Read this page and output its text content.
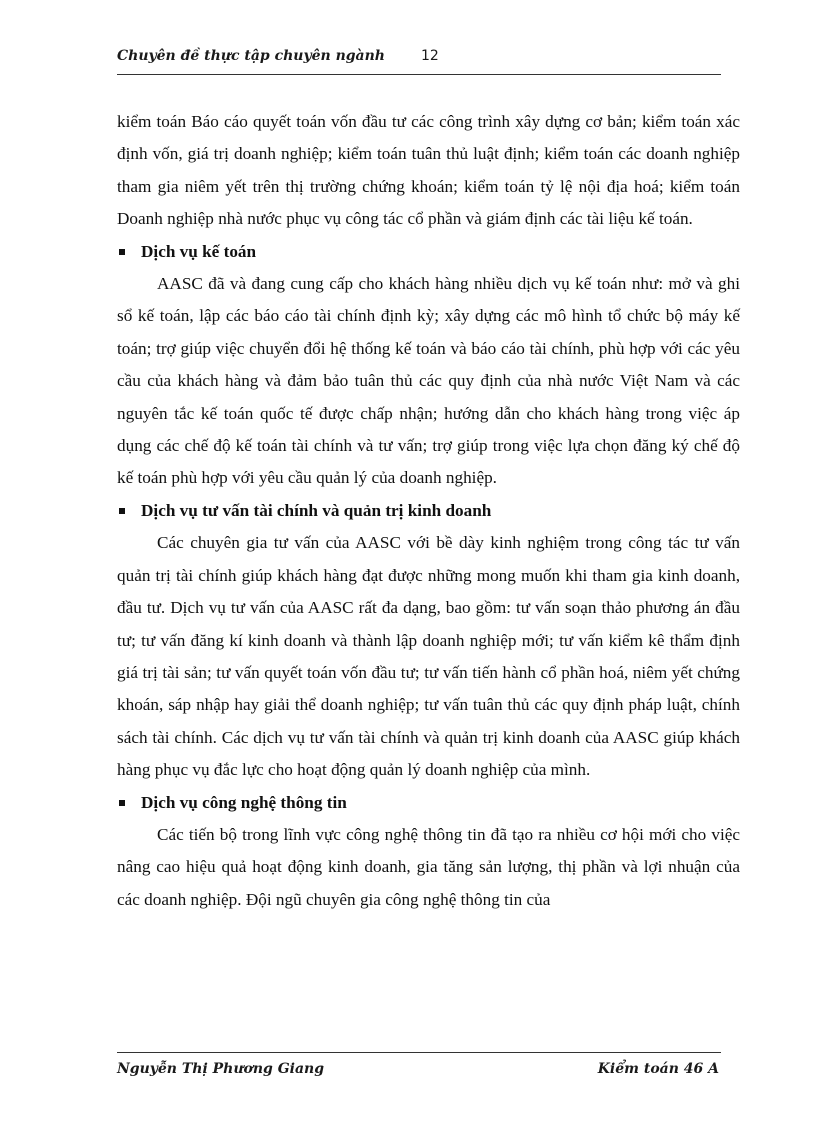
Chuyên đề thực tập chuyên ngành	12

kiểm toán Báo cáo quyết toán vốn đầu tư các công trình xây dựng cơ bản; kiểm toán xác định vốn, giá trị doanh nghiệp; kiểm toán tuân thủ luật định; kiểm toán các doanh nghiệp tham gia niêm yết trên thị trường chứng khoán; kiểm toán tỷ lệ nội địa hoá; kiểm toán Doanh nghiệp nhà nước phục vụ công tác cổ phần và giám định các tài liệu kế toán.

Dịch vụ kế toán

AASC đã và đang cung cấp cho khách hàng nhiều dịch vụ kế toán như: mở và ghi sổ kế toán, lập các báo cáo tài chính định kỳ; xây dựng các mô hình tổ chức bộ máy kế toán; trợ giúp việc chuyển đổi hệ thống kế toán và báo cáo tài chính, phù hợp với các yêu cầu của khách hàng và đảm bảo tuân thủ các quy định của nhà nước Việt Nam và các nguyên tắc kế toán quốc tế được chấp nhận; hướng dẫn cho khách hàng trong việc áp dụng các chế độ kế toán tài chính và tư vấn; trợ giúp trong việc lựa chọn đăng ký chế độ kế toán phù hợp với yêu cầu quản lý của doanh nghiệp.

Dịch vụ tư vấn tài chính và quản trị kinh doanh

Các chuyên gia tư vấn của AASC với bề dày kinh nghiệm trong công tác tư vấn quản trị tài chính giúp khách hàng đạt được những mong muốn khi tham gia kinh doanh, đầu tư. Dịch vụ tư vấn của AASC rất đa dạng, bao gồm: tư vấn soạn thảo phương án đầu tư; tư vấn đăng kí kinh doanh và thành lập doanh nghiệp mới; tư vấn kiểm kê thẩm định giá trị tài sản; tư vấn quyết toán vốn đầu tư; tư vấn tiến hành cổ phần hoá, niêm yết chứng khoán, sáp nhập hay giải thể doanh nghiệp; tư vấn tuân thủ các quy định pháp luật, chính sách tài chính. Các dịch vụ tư vấn tài chính và quản trị kinh doanh của AASC giúp khách hàng phục vụ đắc lực cho hoạt động quản lý doanh nghiệp của mình.

Dịch vụ công nghệ thông tin

Các tiến bộ trong lĩnh vực công nghệ thông tin đã tạo ra nhiều cơ hội mới cho việc nâng cao hiệu quả hoạt động kinh doanh, gia tăng sản lượng, thị phần và lợi nhuận của các doanh nghiệp. Đội ngũ chuyên gia công nghệ thông tin của

Nguyễn Thị Phương Giang	Kiểm toán 46 A
